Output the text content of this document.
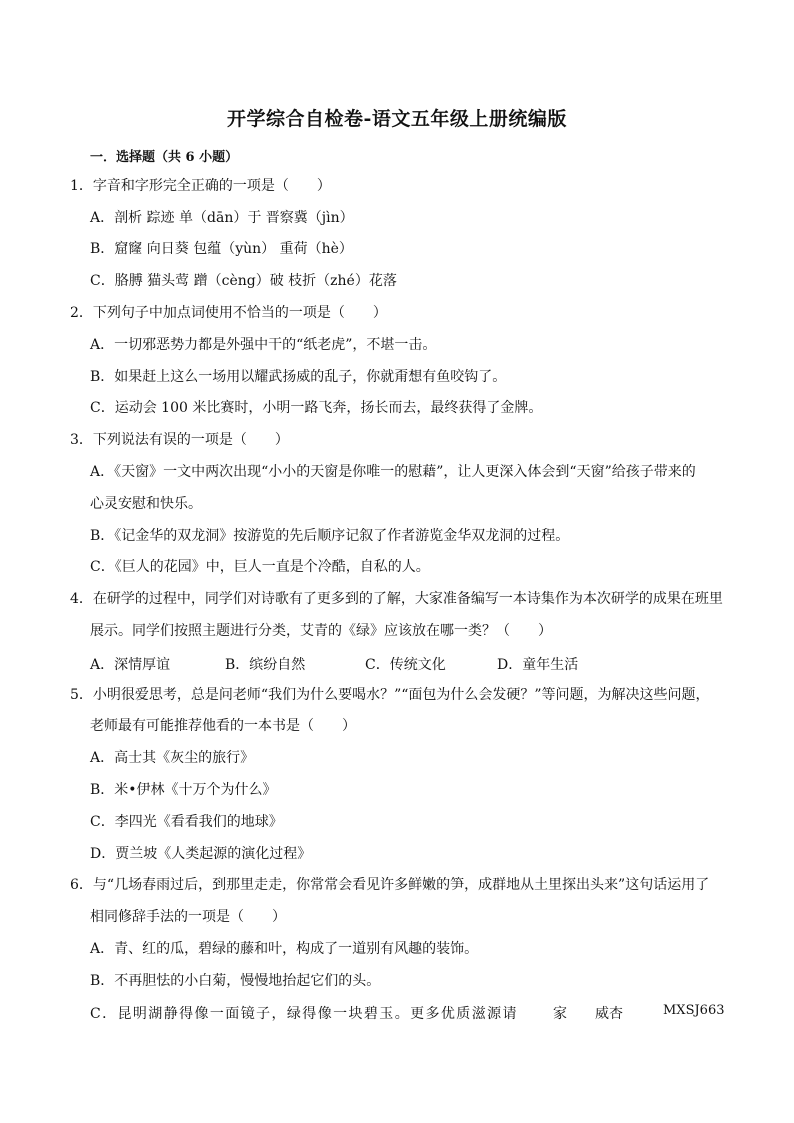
开学综合自检卷-语文五年级上册统编版
一．选择题（共 6 小题）
1．字音和字形完全正确的一项是（　　）
A．剖析 踪迹 单（dān）于 晋察冀（jìn）
B．窟窿 向日葵 包蕴（yùn） 重荷（hè）
C．胳膊 猫头莺 蹭（cèng）破 枝折（zhé）花落
2．下列句子中加点词使用不恰当的一项是（　　）
A．一切邪恶势力都是外强中干的“纸老虎”，不堪一击。
B．如果赶上这么一场用以耀武扬威的乱子，你就甭想有鱼咬钩了。
C．运动会 100 米比赛时，小明一路飞奔，扬长而去，最终获得了金牌。
3．下列说法有误的一项是（　　）
A．《天窗》一文中两次出现“小小的天窗是你唯一的慰藉”，让人更深入体会到“天窗”给孩子带来的
心灵安慰和快乐。
B．《记金华的双龙洞》按游览的先后顺序记叙了作者游览金华双龙洞的过程。
C．《巨人的花园》中，巨人一直是个冷酷，自私的人。
4．在研学的过程中，同学们对诗歌有了更多到的了解，大家准备编写一本诗集作为本次研学的成果在班里
展示。同学们按照主题进行分类，艾青的《绿》应该放在哪一类？（　　）
A．深情厚谊	B．缤纷自然	C．传统文化	D．童年生活
5．小明很爱思考，总是问老师“我们为什么要喝水？”“面包为什么会发硬？”等问题，为解决这些问题，
老师最有可能推荐他看的一本书是（　　）
A．高士其《灰尘的旅行》
B．米•伊林《十万个为什么》
C．李四光《看看我们的地球》
D．贾兰坡《人类起源的演化过程》
6．与“几场春雨过后，到那里走走，你常常会看见许多鲜嫩的笋，成群地从土里探出头来”这句话运用了
相同修辞手法的一项是（　　）
A．青、红的瓜，碧绿的藤和叶，构成了一道别有风趣的装饰。
B．不再胆怯的小白菊，慢慢地抬起它们的头。
C．昆明湖静得像一面镜子，绿得像一块碧玉。更多优质滋源请	家 威杏	MXSJ663
